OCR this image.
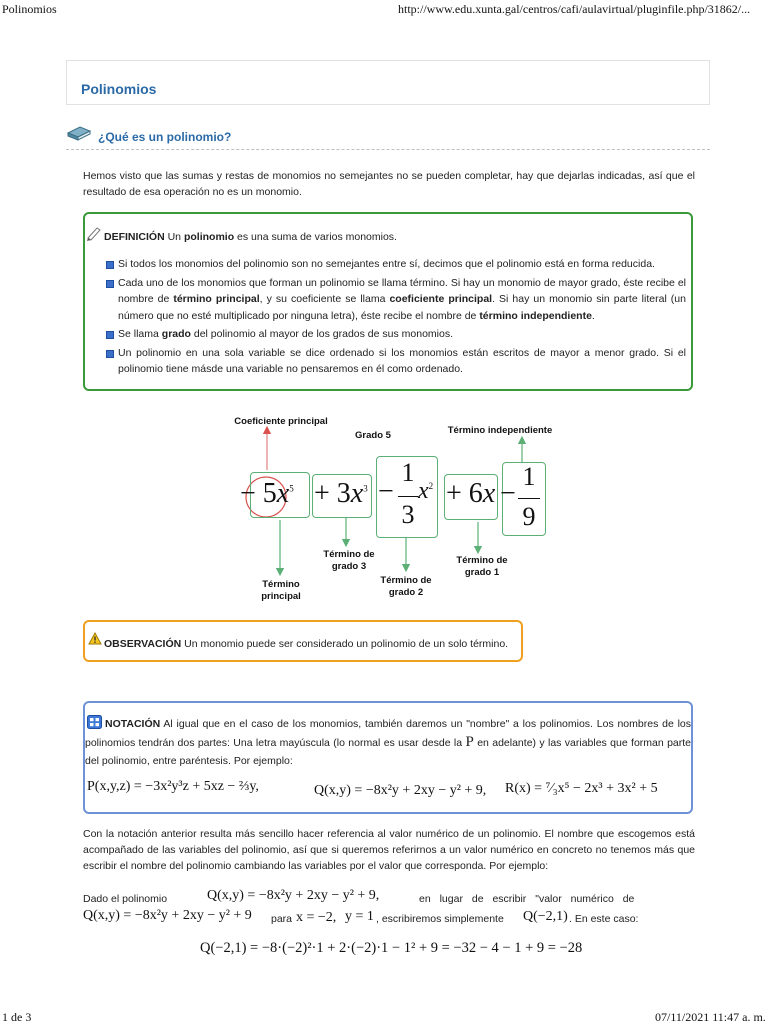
Polinomios	http://www.edu.xunta.gal/centros/cafi/aulavirtual/pluginfile.php/31862/...
1 de 3	07/11/2021 11:47 a. m.
Polinomios
¿Qué es un polinomio?

Hemos visto que las sumas y restas de monomios no semejantes no se pueden completar, hay que dejarlas indicadas, así que el resultado de esa operación no es un monomio.

DEFINICIÓN Un polinomio es una suma de varios monomios.
Si todos los monomios del polinomio son no semejantes entre sí, decimos que el polinomio está en forma reducida.
Cada uno de los monomios que forman un polinomio se llama término. Si hay un monomio de mayor grado, éste recibe el nombre de término principal, y su coeficiente se llama coeficiente principal. Si hay un monomio sin parte literal (un número que no esté multiplicado por ninguna letra), éste recibe el nombre de término independiente.
Se llama grado del polinomio al mayor de los grados de sus monomios.
Un polinomio en una sola variable se dice ordenado si los monomios están escritos de mayor a menor grado. Si el polinomio tiene másde una variable no pensaremos en él como ordenado.
Coeficiente principal
Grado 5	Término independiente
− $5x^5 + 3x^3$ −
1
3
$x^2 + 6x$ −
1
9
Término de grado 3
Término de grado 2
Término de grado 1
Término principal
OBSERVACIÓN Un monomio puede ser considerado un polinomio de un solo término.

NOTACIÓN Al igual que en el caso de los monomios, también daremos un "nombre" a los polinomios. Los nombres de los polinomios tendrán dos partes: Una letra mayúscula (lo normal es usar desde la P en adelante) y las variables que forman parte del polinomio, entre paréntesis. Por ejemplo:

P(x,y,z) = −3x²y³z + 5xz − ⅔y,	Q(x,y) = −8x²y + 2xy − y² + 9, R(x) = ⁷⁄₃x⁵ − 2x³ + 3x² + 5

Con la notación anterior resulta más sencillo hacer referencia al valor numérico de un polinomio. El nombre que escogemos está acompañado de las variables del polinomio, así que si queremos referirnos a un valor numérico en concreto no tenemos más que escribir el nombre del polinomio cambiando las variables por el valor que corresponda. Por ejemplo:

Dado el polinomio	Q(x,y) = −8x²y + 2xy − y² + 9,	en lugar de escribir "valor numérico de
Q(x,y) = −8x²y + 2xy − y² + 9 para x = −2, y = 1 , escribiremos simplemente Q(−2,1) . En este caso:
Q(−2,1) = −8·(−2)²·1 + 2·(−2)·1 − 1² + 9 = −32 − 4 − 1 + 9 = −28
